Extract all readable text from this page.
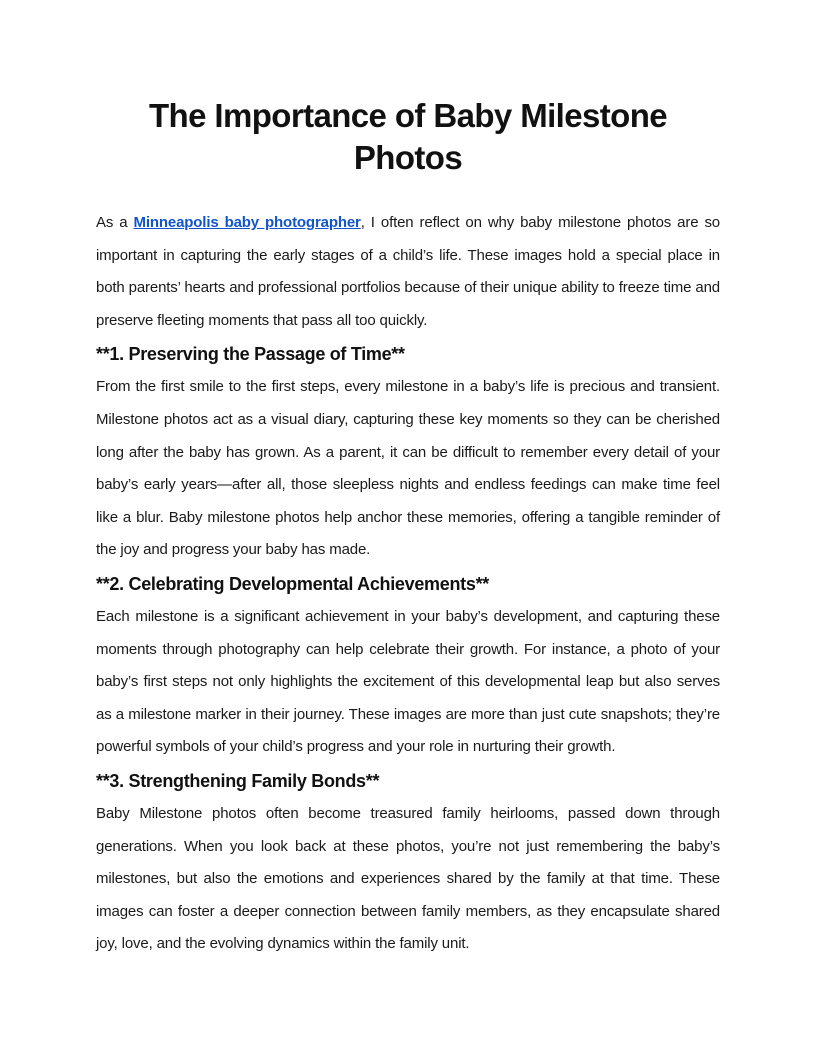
The Importance of Baby Milestone Photos

As a Minneapolis baby photographer, I often reflect on why baby milestone photos are so important in capturing the early stages of a child’s life. These images hold a special place in both parents’ hearts and professional portfolios because of their unique ability to freeze time and preserve fleeting moments that pass all too quickly.

**1. Preserving the Passage of Time**

From the first smile to the first steps, every milestone in a baby’s life is precious and transient. Milestone photos act as a visual diary, capturing these key moments so they can be cherished long after the baby has grown. As a parent, it can be difficult to remember every detail of your baby’s early years—after all, those sleepless nights and endless feedings can make time feel like a blur. Baby milestone photos help anchor these memories, offering a tangible reminder of the joy and progress your baby has made.

**2. Celebrating Developmental Achievements**

Each milestone is a significant achievement in your baby’s development, and capturing these moments through photography can help celebrate their growth. For instance, a photo of your baby’s first steps not only highlights the excitement of this developmental leap but also serves as a milestone marker in their journey. These images are more than just cute snapshots; they’re powerful symbols of your child’s progress and your role in nurturing their growth.

**3. Strengthening Family Bonds**

Baby Milestone photos often become treasured family heirlooms, passed down through generations. When you look back at these photos, you’re not just remembering the baby’s milestones, but also the emotions and experiences shared by the family at that time. These images can foster a deeper connection between family members, as they encapsulate shared joy, love, and the evolving dynamics within the family unit.
